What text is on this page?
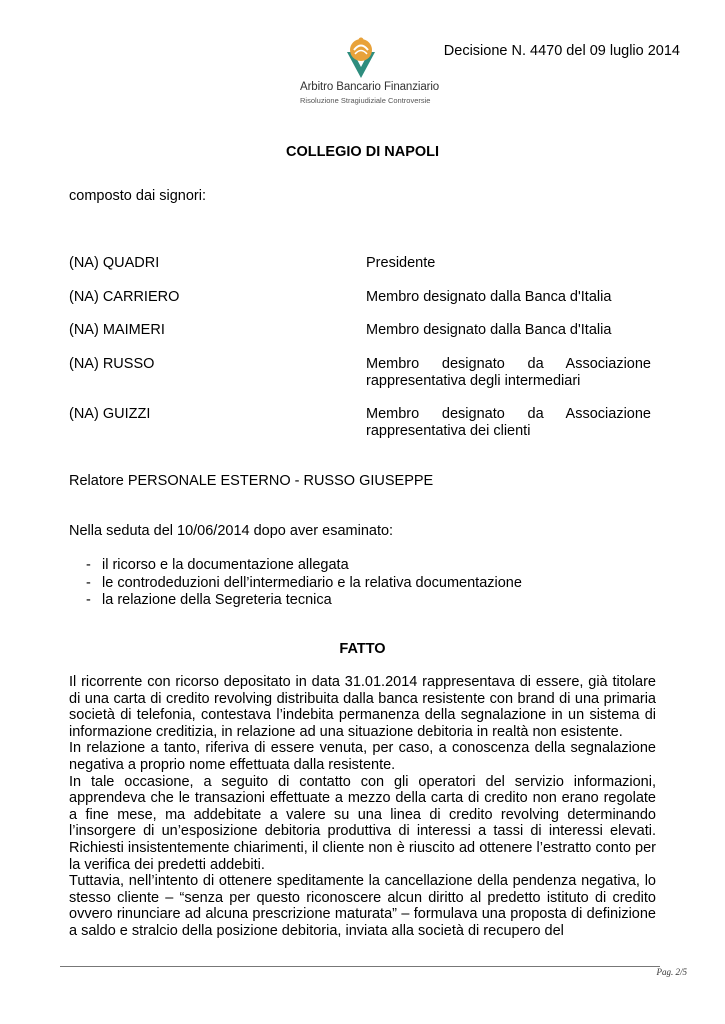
Arbitro Bancario Finanziario
Risoluzione Stragiudiziale Controversie
Decisione N. 4470 del 09 luglio 2014
COLLEGIO DI NAPOLI
composto dai signori:
(NA) QUADRI	Presidente
(NA) CARRIERO	Membro designato dalla Banca d'Italia
(NA) MAIMERI	Membro designato dalla Banca d'Italia
(NA) RUSSO	Membro designato da Associazione rappresentativa degli intermediari
(NA) GUIZZI	Membro designato da Associazione rappresentativa dei clienti
Relatore PERSONALE ESTERNO - RUSSO GIUSEPPE
Nella seduta del 10/06/2014 dopo aver esaminato:
- il ricorso e la documentazione allegata
- le controdeduzioni dell’intermediario e la relativa documentazione
- la relazione della Segreteria tecnica
FATTO

Il ricorrente con ricorso depositato in data 31.01.2014 rappresentava di essere, già titolare di una carta di credito revolving distribuita dalla banca resistente con brand di una primaria società di telefonia, contestava l’indebita permanenza della segnalazione in un sistema di informazione creditizia, in relazione ad una situazione debitoria in realtà non esistente.

In relazione a tanto, riferiva di essere venuta, per caso, a conoscenza della segnalazione negativa a proprio nome effettuata dalla resistente.

In tale occasione, a seguito di contatto con gli operatori del servizio informazioni, apprendeva che le transazioni effettuate a mezzo della carta di credito non erano regolate a fine mese, ma addebitate a valere su una linea di credito revolving determinando l’insorgere di un’esposizione debitoria produttiva di interessi a tassi di interessi elevati. Richiesti insistentemente chiarimenti, il cliente non è riuscito ad ottenere l’estratto conto per la verifica dei predetti addebiti.

Tuttavia, nell’intento di ottenere speditamente la cancellazione della pendenza negativa, lo stesso cliente – “senza per questo riconoscere alcun diritto al predetto istituto di credito ovvero rinunciare ad alcuna prescrizione maturata” – formulava una proposta di definizione a saldo e stralcio della posizione debitoria, inviata alla società di recupero del

Pag. 2/5
